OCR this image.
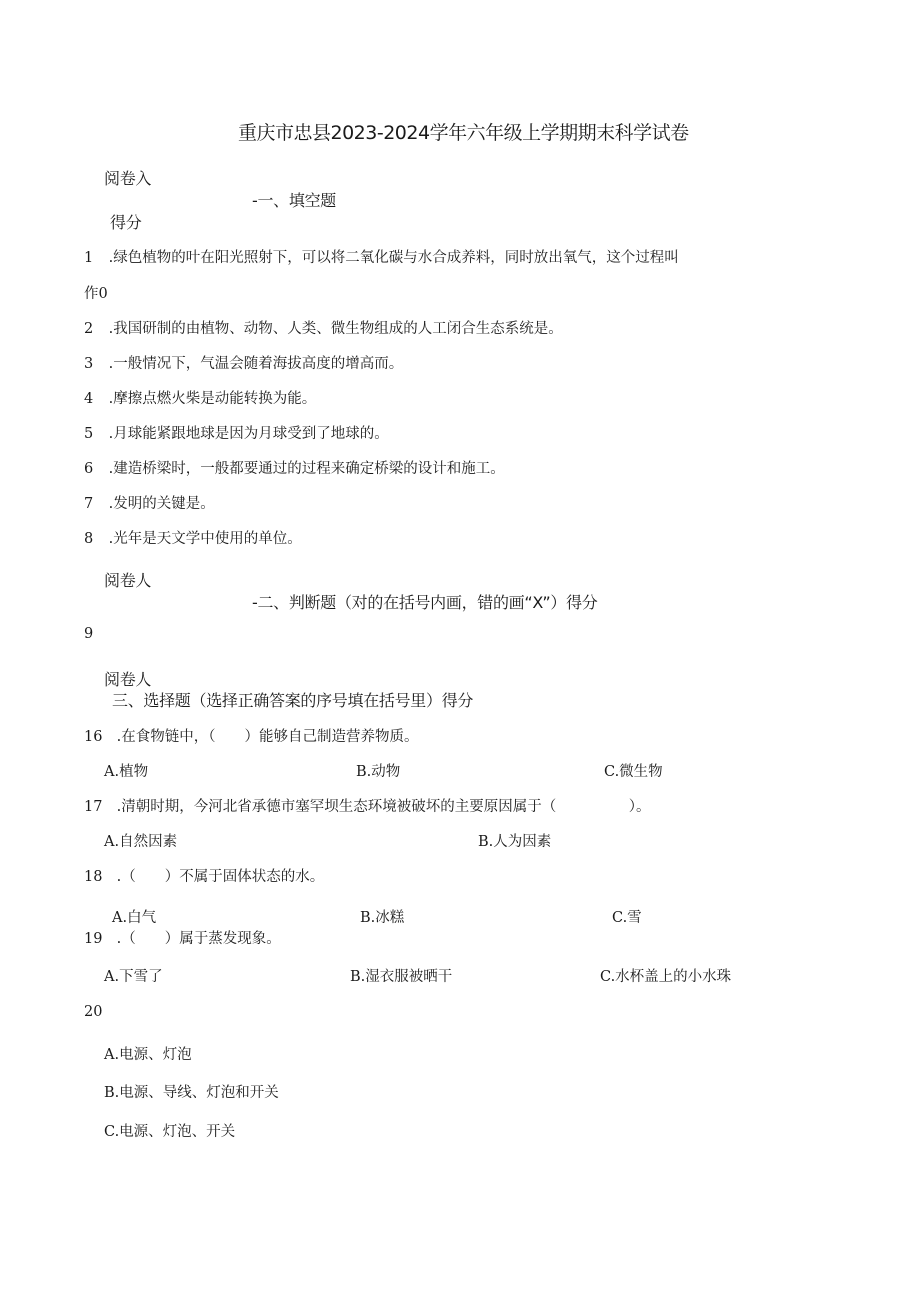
重庆市忠县2023-2024学年六年级上学期期末科学试卷
阅卷入
-一、填空题
得分
1 .绿色植物的叶在阳光照射下，可以将二氧化碳与水合成养料，同时放出氧气，这个过程叫
作0
2 .我国研制的由植物、动物、人类、微生物组成的人工闭合生态系统是。
3 .一般情况下，气温会随着海拔高度的增高而。
4 .摩擦点燃火柴是动能转换为能。
5 .月球能紧跟地球是因为月球受到了地球的。
6 .建造桥梁时，一般都要通过的过程来确定桥梁的设计和施工。
7 .发明的关键是。
8 .光年是天文学中使用的单位。
阅卷人
-二、判断题（对的在括号内画，错的画“X”）得分
9
阅卷人
三、选择题（选择正确答案的序号填在括号里）得分
16 .在食物链中，（　　）能够自己制造营养物质。
A.植物	B.动物	C.微生物
17 .清朝时期，今河北省承德市塞罕坝生态环境被破坏的主要原因属于（　　　　　）。
A.自然因素	B.人为因素
18 .（　　）不属于固体状态的水。
A.白气	B.冰糕	C.雪
19 .（　　）属于蒸发现象。
A.下雪了	B.湿衣服被晒干	C.水杯盖上的小水珠
20
A.电源、灯泡
B.电源、导线、灯泡和开关
C.电源、灯泡、开关
